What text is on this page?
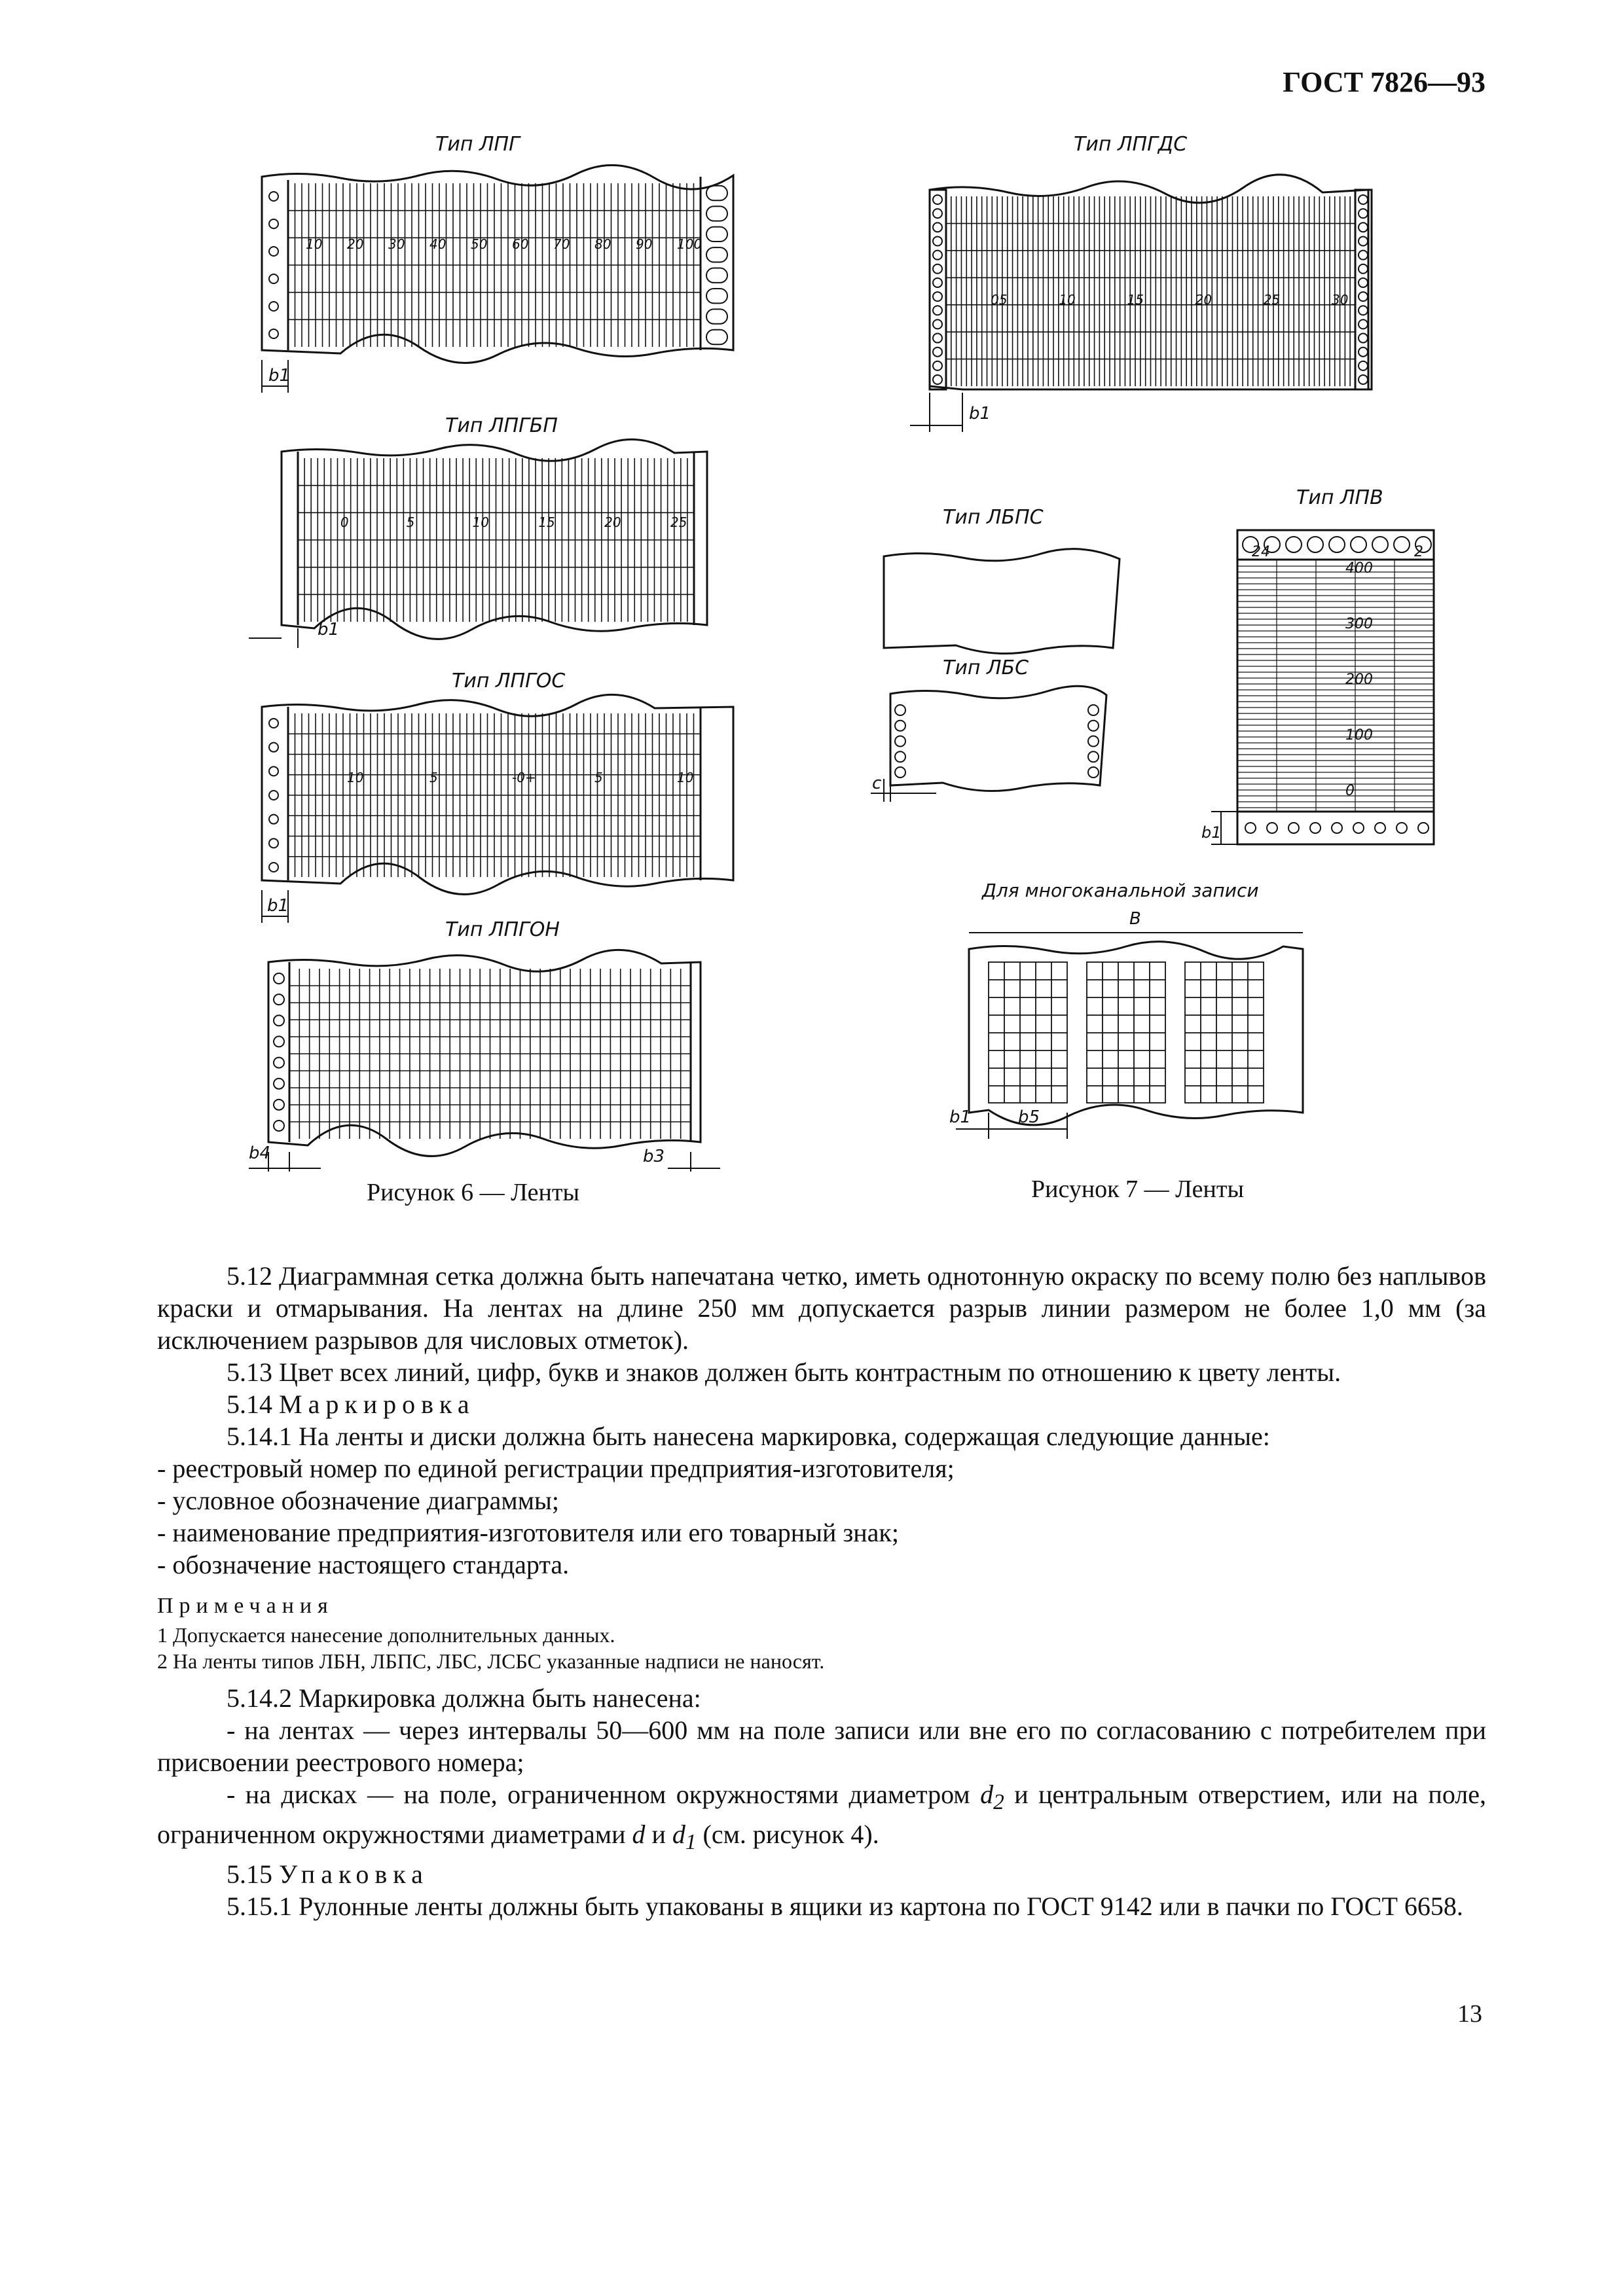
ГОСТ 7826—93
Тип ЛПГ
10 20 30 40 50 60 70 80 90 100
b1
Тип ЛПГБП
0	5	10	15	20	25
b1
Тип ЛПГОС
10	5	-0+	5	10
b1
Тип ЛПГОН
b4	b3
Рисунок 6 — Ленты
Тип ЛПГДС
05	10	15	20	25	30
b1
Тип ЛБПС
Тип ЛБС
c
Тип ЛПВ
400
300
200
100
0
24	2
b1
Для многоканальной записи
B
b1	b5
Рисунок 7 — Ленты

5.12 Диаграммная сетка должна быть напечатана четко, иметь однотонную окраску по всему полю без наплывов краски и отмарывания. На лентах на длине 250 мм допускается разрыв линии размером не более 1,0 мм (за исключением разрывов для числовых отметок).

5.13 Цвет всех линий, цифр, букв и знаков должен быть контрастным по отношению к цвету ленты.

5.14 Маркировка

5.14.1 На ленты и диски должна быть нанесена маркировка, содержащая следующие данные:

- реестровый номер по единой регистрации предприятия-изготовителя;

- условное обозначение диаграммы;

- наименование предприятия-изготовителя или его товарный знак;

- обозначение настоящего стандарта.

Примечания

1 Допускается нанесение дополнительных данных.

2 На ленты типов ЛБН, ЛБПС, ЛБС, ЛСБС указанные надписи не наносят.

5.14.2 Маркировка должна быть нанесена:

- на лентах — через интервалы 50—600 мм на поле записи или вне его по согласованию с потребителем при присвоении реестрового номера;

- на дисках — на поле, ограниченном окружностями диаметром $d_2$ и центральным отверстием, или на поле, ограниченном окружностями диаметрами d и $d_1$ (см. рисунок 4).

5.15 Упаковка

5.15.1 Рулонные ленты должны быть упакованы в ящики из картона по ГОСТ 9142 или в пачки по ГОСТ 6658.

13
